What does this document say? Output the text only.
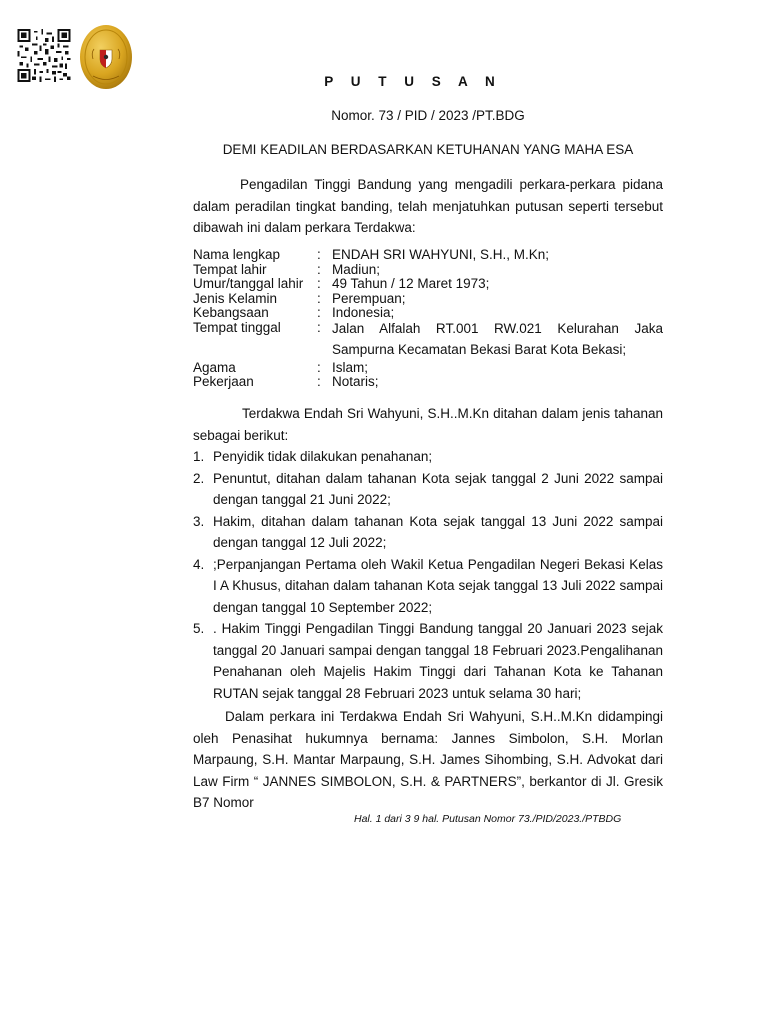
P U T U S A N
Nomor. 73 / PID / 2023 /PT.BDG
DEMI KEADILAN BERDASARKAN KETUHANAN YANG MAHA ESA
Pengadilan Tinggi Bandung yang mengadili perkara-perkara pidana dalam peradilan tingkat banding, telah menjatuhkan putusan seperti tersebut dibawah ini dalam perkara Terdakwa:
Nama lengkap	: ENDAH SRI WAHYUNI, S.H., M.Kn;
Tempat lahir	: Madiun;
Umur/tanggal lahir	: 49 Tahun / 12 Maret 1973;
Jenis Kelamin	: Perempuan;
Kebangsaan	: Indonesia;
Tempat tinggal	: Jalan Alfalah RT.001 RW.021 Kelurahan Jaka
Sampurna Kecamatan Bekasi Barat Kota Bekasi;
Agama	: Islam;
Pekerjaan	: Notaris;
Terdakwa Endah Sri Wahyuni, S.H..M.Kn ditahan dalam jenis tahanan sebagai berikut:
1. Penyidik tidak dilakukan penahanan;
2. Penuntut, ditahan dalam tahanan Kota sejak tanggal 2 Juni 2022 sampai dengan tanggal 21 Juni 2022;
3. Hakim, ditahan dalam tahanan Kota sejak tanggal 13 Juni 2022 sampai dengan tanggal 12 Juli 2022;
4. ;Perpanjangan Pertama oleh Wakil Ketua Pengadilan Negeri Bekasi Kelas I A Khusus, ditahan dalam tahanan Kota sejak tanggal 13 Juli 2022 sampai dengan tanggal 10 September 2022;
5. . Hakim Tinggi Pengadilan Tinggi Bandung tanggal 20 Januari 2023 sejak tanggal 20 Januari sampai dengan tanggal 18 Februari 2023.Pengalihanan Penahanan oleh Majelis Hakim Tinggi dari Tahanan Kota ke Tahanan RUTAN sejak tanggal 28 Februari 2023 untuk selama 30 hari;
Dalam perkara ini Terdakwa Endah Sri Wahyuni, S.H..M.Kn didampingi oleh Penasihat hukumnya bernama: Jannes Simbolon, S.H. Morlan Marpaung, S.H. Mantar Marpaung, S.H. James Sihombing, S.H. Advokat dari Law Firm “ JANNES SIMBOLON, S.H. & PARTNERS”, berkantor di Jl. Gresik B7 Nomor
Hal. 1 dari 3 9 hal. Putusan Nomor 73./PID/2023./PTBDG
